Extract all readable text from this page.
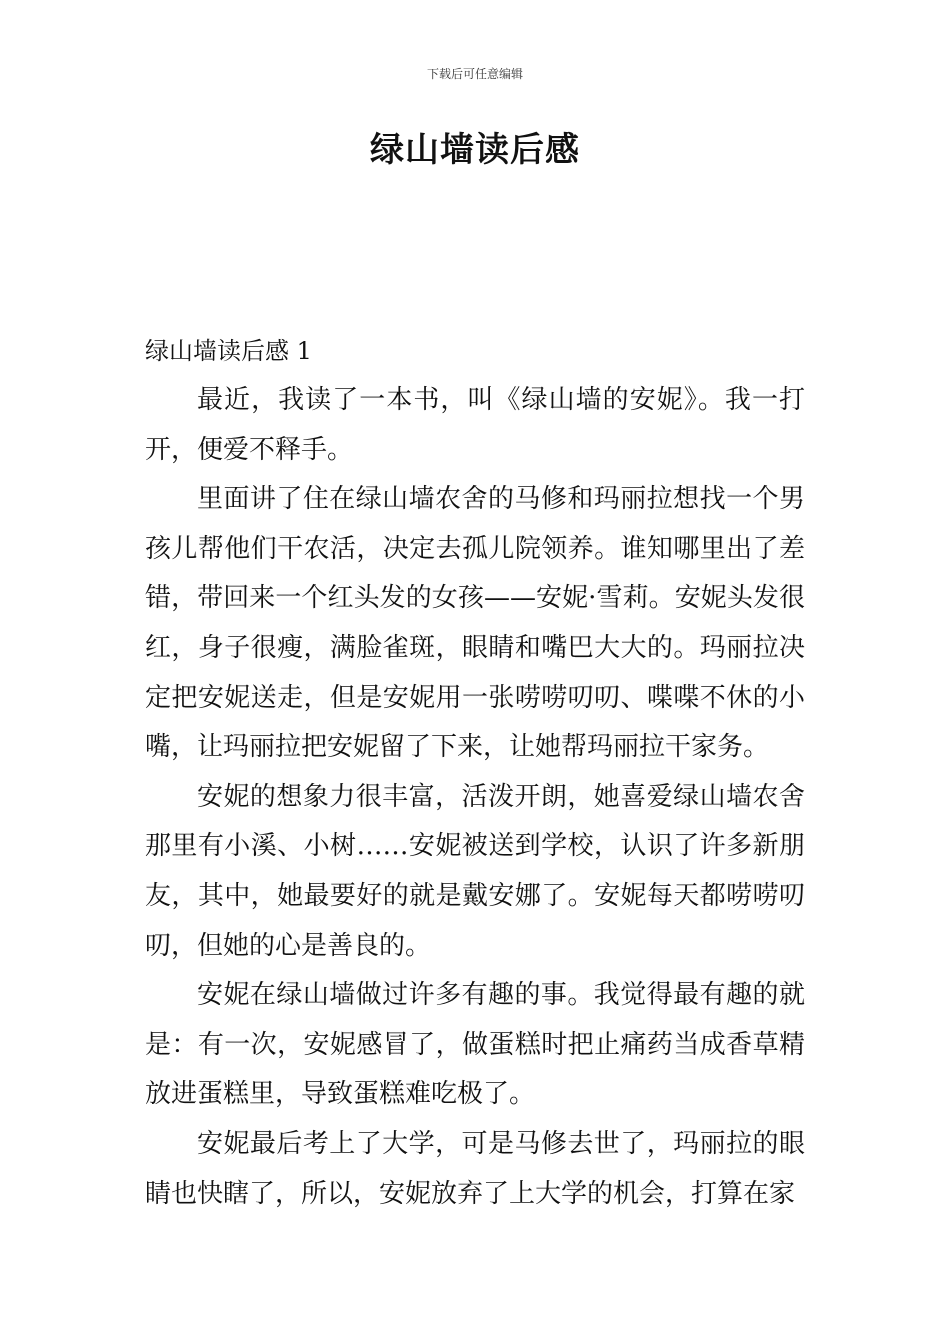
下载后可任意编辑
绿山墙读后感
绿山墙读后感 1

最近，我读了一本书，叫《绿山墙的安妮》。我一打开，便爱不释手。

里面讲了住在绿山墙农舍的马修和玛丽拉想找一个男孩儿帮他们干农活，决定去孤儿院领养。谁知哪里出了差错，带回来一个红头发的女孩——安妮·雪莉。安妮头发很红，身子很瘦，满脸雀斑，眼睛和嘴巴大大的。玛丽拉决定把安妮送走，但是安妮用一张唠唠叨叨、喋喋不休的小嘴，让玛丽拉把安妮留了下来，让她帮玛丽拉干家务。

安妮的想象力很丰富，活泼开朗，她喜爱绿山墙农舍那里有小溪、小树……安妮被送到学校，认识了许多新朋友，其中，她最要好的就是戴安娜了。安妮每天都唠唠叨叨，但她的心是善良的。

安妮在绿山墙做过许多有趣的事。我觉得最有趣的就是：有一次，安妮感冒了，做蛋糕时把止痛药当成香草精放进蛋糕里，导致蛋糕难吃极了。

安妮最后考上了大学，可是马修去世了，玛丽拉的眼睛也快瞎了，所以，安妮放弃了上大学的机会，打算在家
